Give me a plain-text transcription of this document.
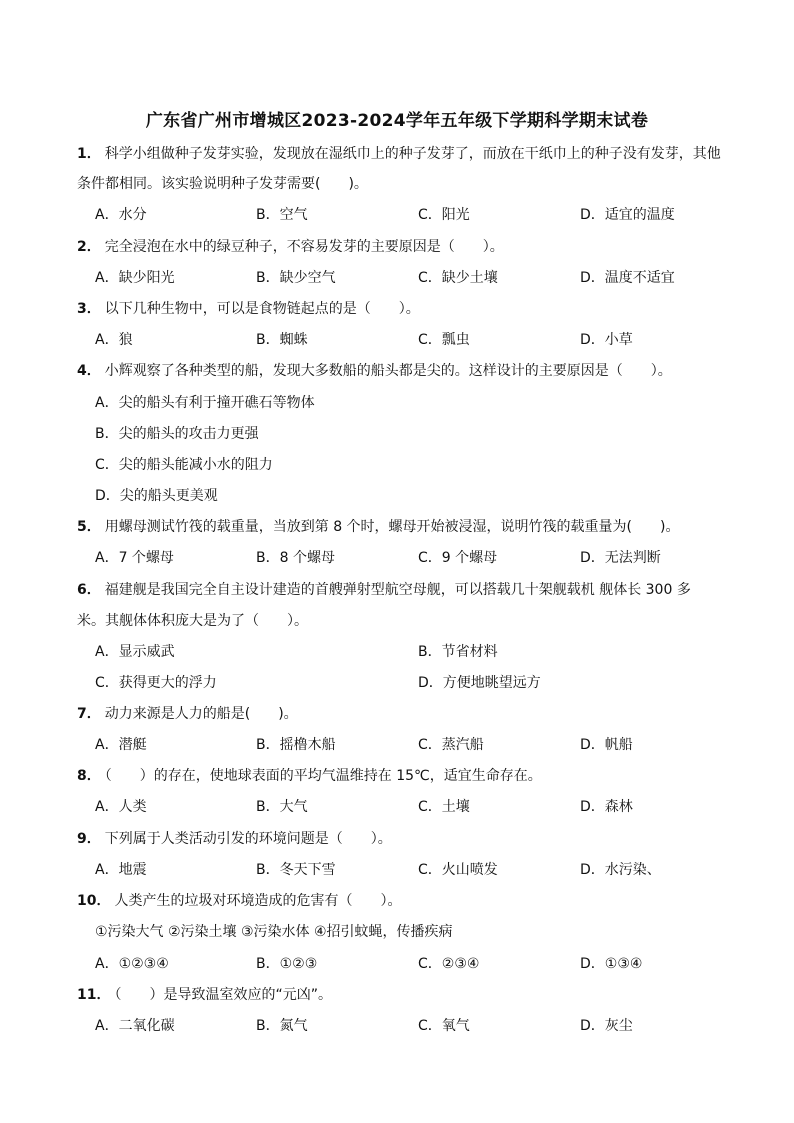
广东省广州市增城区2023-2024学年五年级下学期科学期末试卷
1． 科学小组做种子发芽实验，发现放在湿纸巾上的种子发芽了，而放在干纸巾上的种子没有发芽，其他
条件都相同。该实验说明种子发芽需要(　　)。
A．水分	B．空气	C．阳光	D．适宜的温度
2． 完全浸泡在水中的绿豆种子，不容易发芽的主要原因是（　　）。
A．缺少阳光	B．缺少空气	C．缺少土壤	D．温度不适宜
3． 以下几种生物中，可以是食物链起点的是（　　）。
A．狼	B．蜘蛛	C．瓢虫	D．小草
4． 小辉观察了各种类型的船，发现大多数船的船头都是尖的。这样设计的主要原因是（　　）。
A．尖的船头有利于撞开礁石等物体
B．尖的船头的攻击力更强
C．尖的船头能减小水的阻力
D．尖的船头更美观
5． 用螺母测试竹筏的载重量，当放到第 8 个时，螺母开始被浸湿，说明竹筏的载重量为(　　)。
A．7 个螺母	B．8 个螺母	C．9 个螺母	D．无法判断
6． 福建舰是我国完全自主设计建造的首艘弹射型航空母舰，可以搭载几十架舰载机 舰体长 300 多
米。其舰体体积庞大是为了（　　）。
A．显示威武	B．节省材料
C．获得更大的浮力	D．方便地眺望远方
7． 动力来源是人力的船是(　　)。
A．潜艇	B．摇橹木船	C．蒸汽船	D．帆船
8． （　　）的存在，使地球表面的平均气温维持在 15℃，适宜生命存在。
A．人类	B．大气	C．土壤	D．森林
9． 下列属于人类活动引发的环境问题是（　　）。
A．地震	B．冬天下雪	C．火山喷发	D．水污染、
10． 人类产生的垃圾对环境造成的危害有（　　）。
①污染大气 ②污染土壤 ③污染水体 ④招引蚊蝇，传播疾病
A．①②③④	B．①②③	C．②③④	D．①③④
11． （　　）是导致温室效应的“元凶”。
A．二氧化碳	B．氮气	C．氧气	D．灰尘
